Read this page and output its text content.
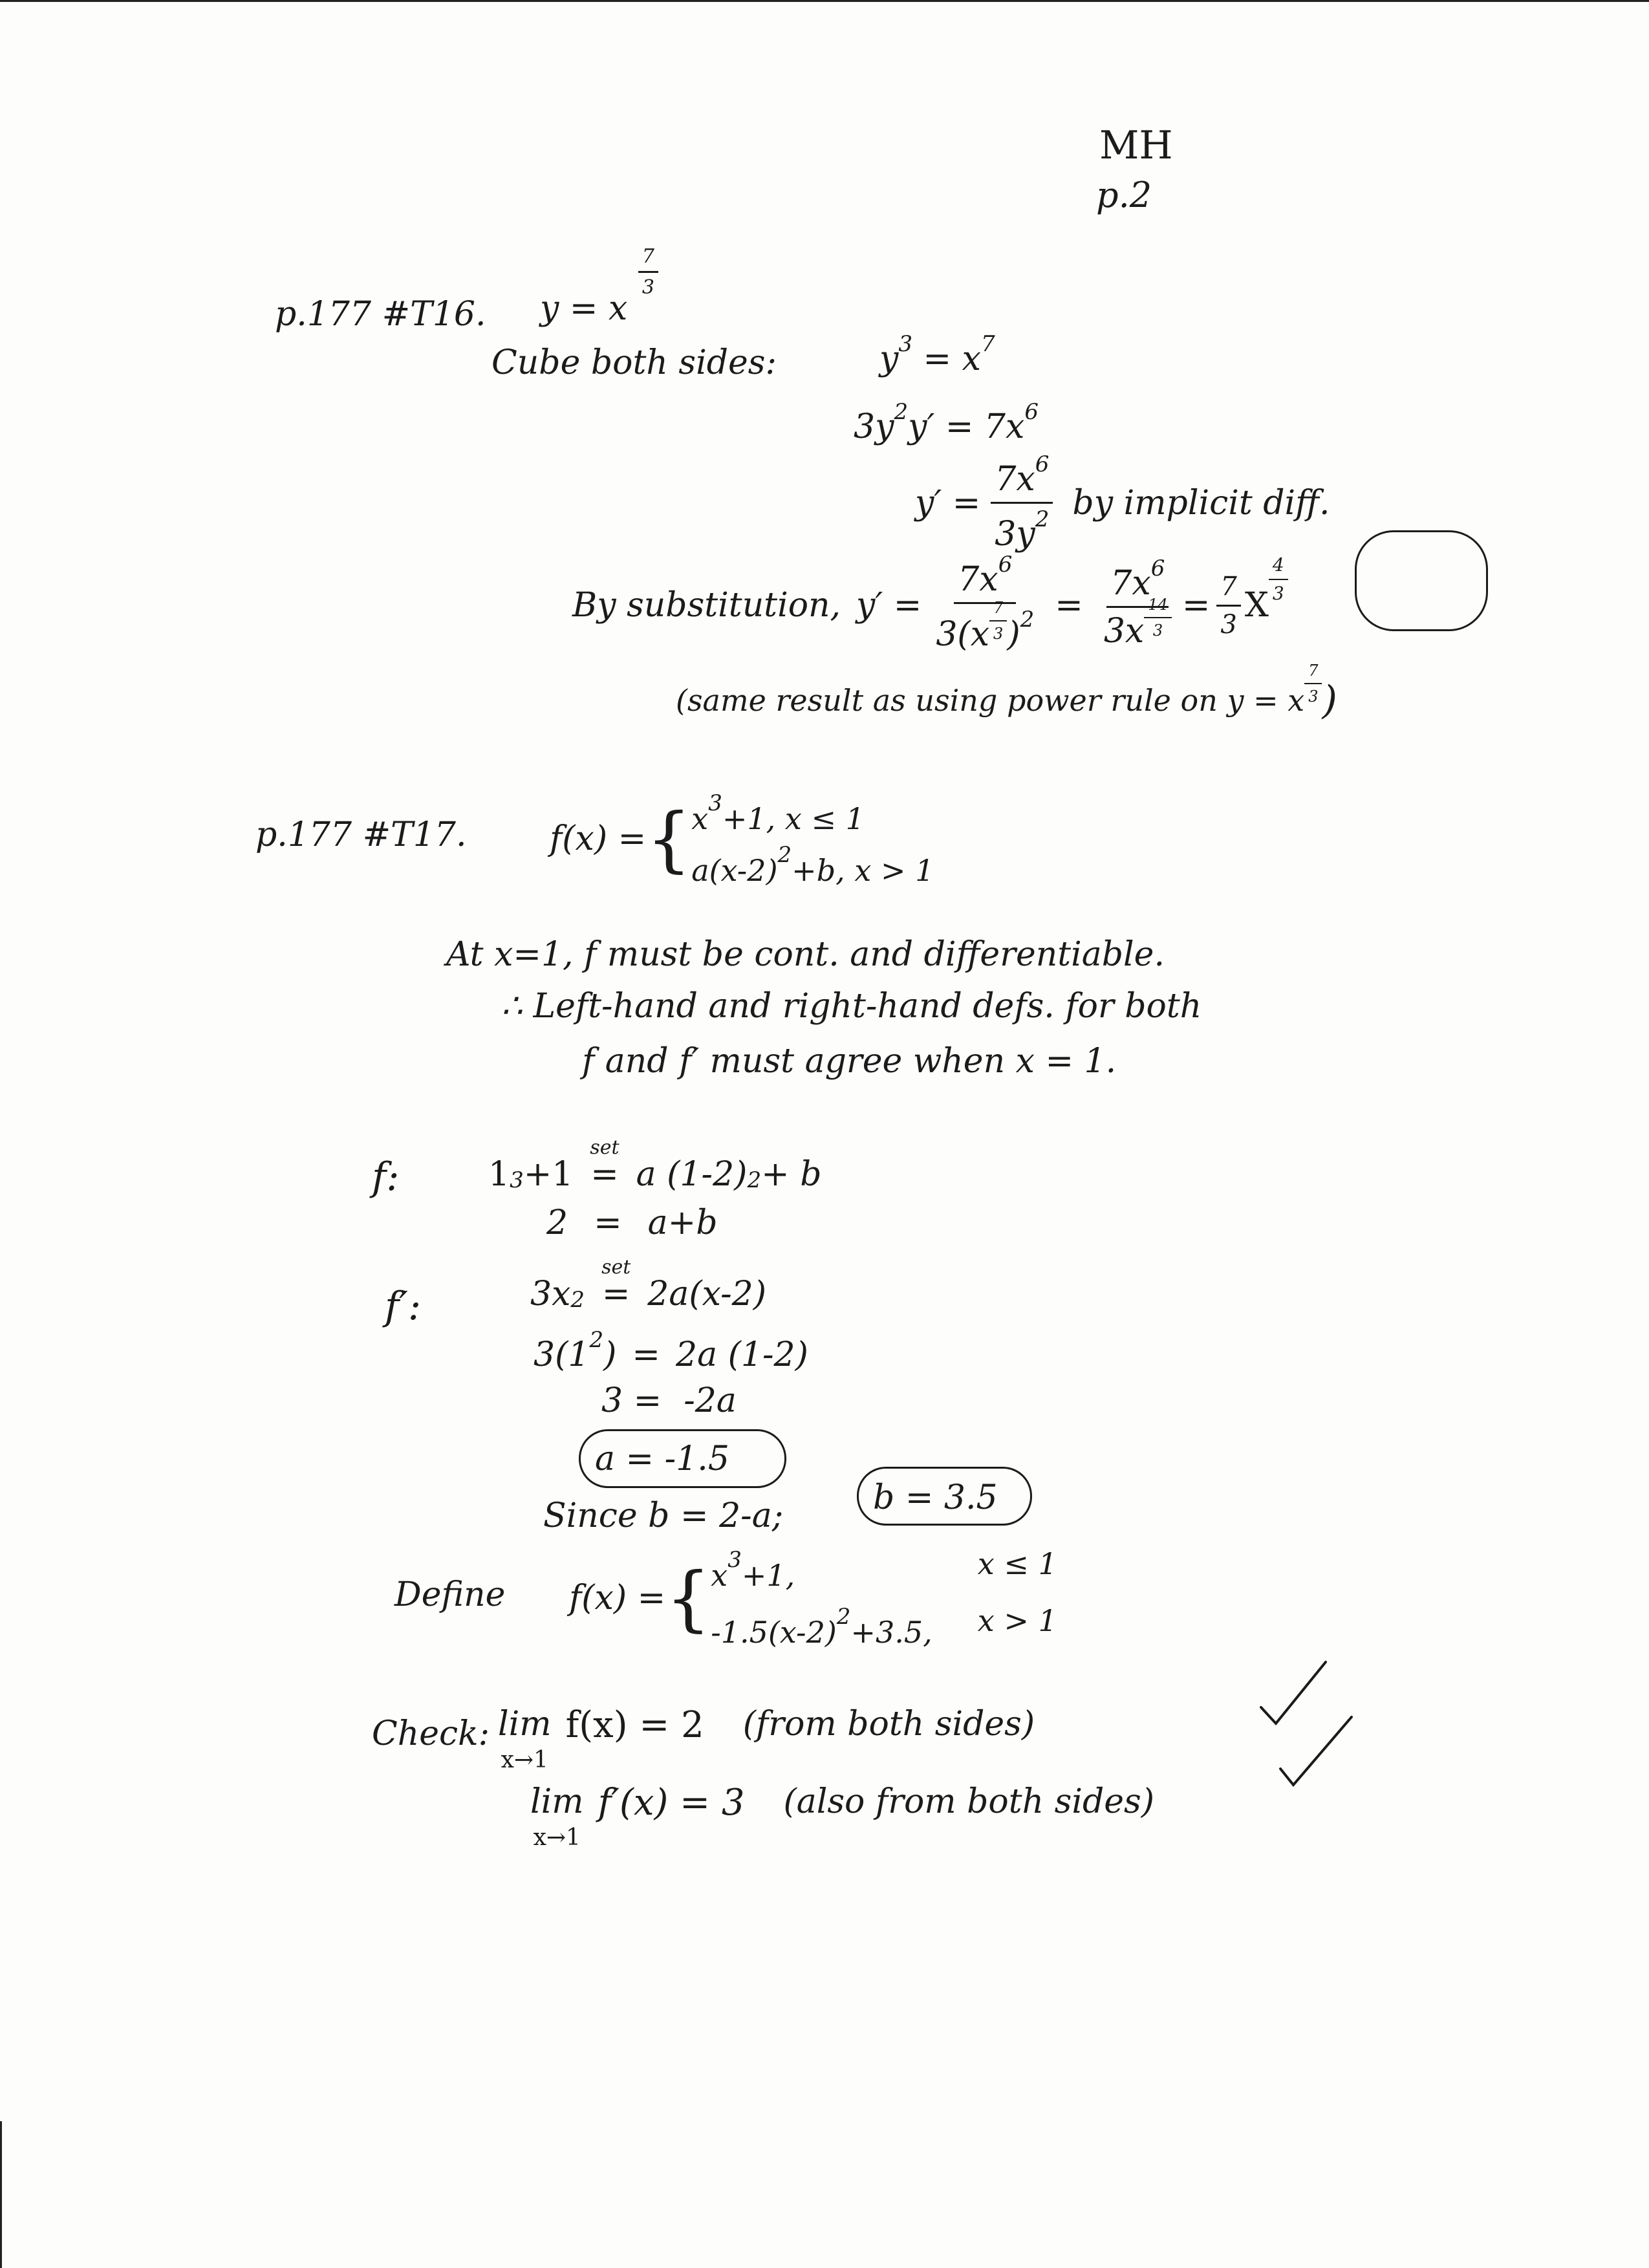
MH
p.2
p.177 #T16. y = x
$\frac{7}{3}$
Cube both sides:	$y^3 = x^7$
$3y^2y' = 7x^6$
$y' = \frac{7x^6}{3y^2}$ by implicit diff.
By substitution, $y' = \frac{7x^6}{3(x \frac{7}{3} )^2} = \frac{7x^6}{3x \frac{14}{3}} = \frac{7}{3}$ X
$\frac{4}{3}$
(same result as using power rule on y = x $\frac{7}{3}$ )
p.177 #T17. f(x) = { $x^3+1$, x ≤ 1
$a(x-2)^2+b$, x > 1
At x=1, f must be cont. and differentiable.
∴ Left-hand and right-hand defs. for both
f and f′ must agree when x = 1.
f:	1 3 +1
set
= a (1-2) 2 + b
2 = a+b
f′:	3x 2
set
= 2a(x-2)
$3(1^2) = 2a$ (1-2)
3 = -2a
a = -1.5
Since b = 2-a;	b = 3.5
Define f(x) = { $x^3+1$,	x ≤ 1
$-1.5(x-2)^2+3.5$, x > 1
Check: lim
x→1
f(x) = 2 (from both sides)
lim
x→1
f′(x) = 3 (also from both sides)
